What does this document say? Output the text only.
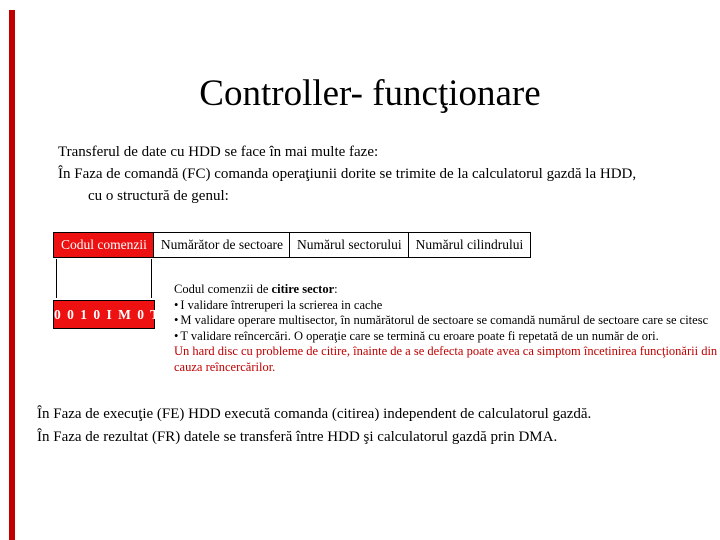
Controller- funcţionare
Transferul de date cu HDD se face în mai multe faze:
În Faza de comandă (FC) comanda operaţiunii dorite se trimite de la calculatorul gazdă la HDD,
cu o structură de genul:
Codul comenzii	Numărător de sectoare	Numărul sectorului	Numărul cilindrului
0 0 1 0 I M 0 T
Codul comenzii de citire sector:
• I validare întreruperi la scrierea in cache
• M validare operare multisector, în numărătorul de sectoare se comandă numărul de sectoare care se citesc
• T validare reîncercări. O operaţie care se termină cu eroare poate fi repetată de un număr de ori.
Un hard disc cu probleme de citire, înainte de a se defecta poate avea ca simptom încetinirea funcţionării din cauza reîncercărilor.
În Faza de execuţie (FE) HDD execută comanda (citirea) independent de calculatorul gazdă.
În Faza de rezultat (FR) datele se transferă între HDD şi calculatorul gazdă prin DMA.
